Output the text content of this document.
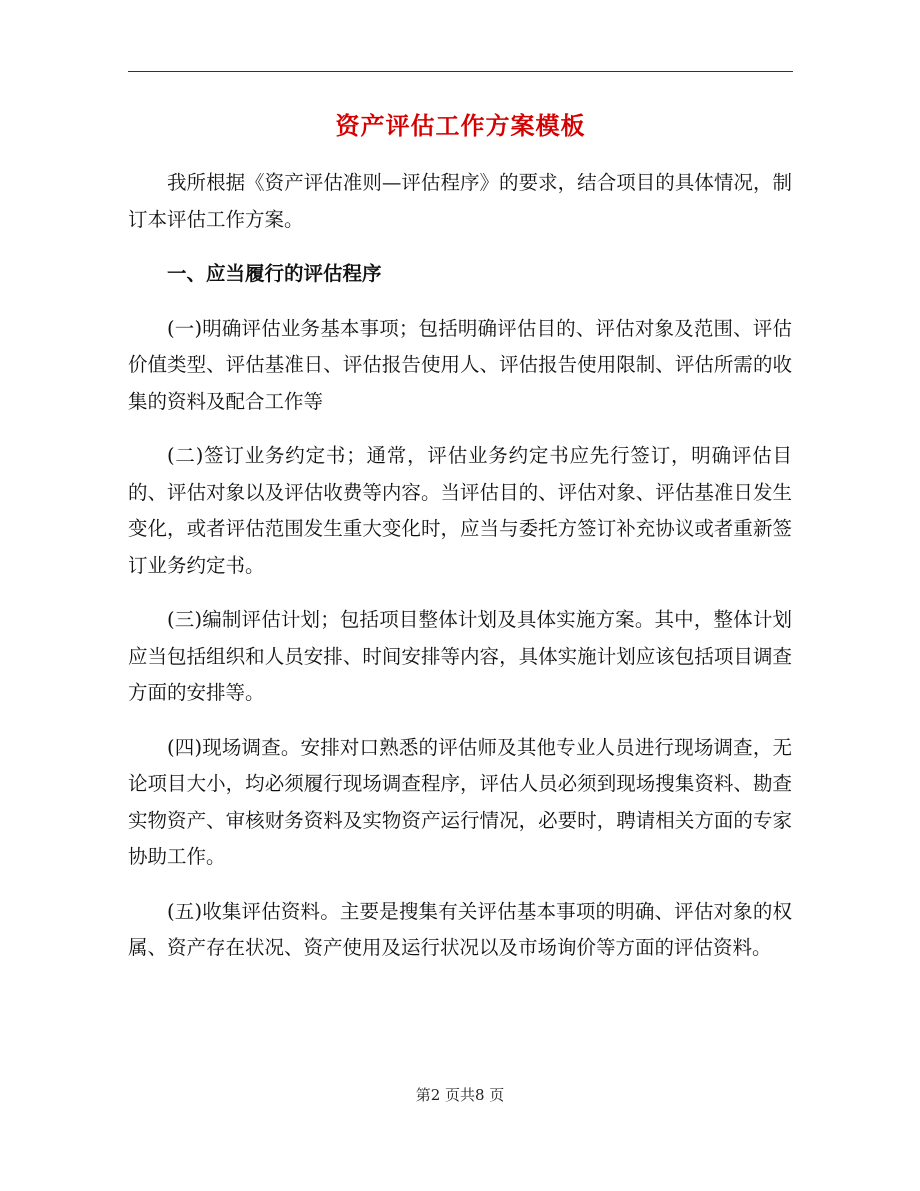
资产评估工作方案模板

我所根据《资产评估准则—评估程序》的要求，结合项目的具体情况，制订本评估工作方案。

一、应当履行的评估程序

(一)明确评估业务基本事项；包括明确评估目的、评估对象及范围、评估价值类型、评估基准日、评估报告使用人、评估报告使用限制、评估所需的收集的资料及配合工作等

(二)签订业务约定书；通常，评估业务约定书应先行签订，明确评估目的、评估对象以及评估收费等内容。当评估目的、评估对象、评估基准日发生变化，或者评估范围发生重大变化时，应当与委托方签订补充协议或者重新签订业务约定书。

(三)编制评估计划；包括项目整体计划及具体实施方案。其中，整体计划应当包括组织和人员安排、时间安排等内容，具体实施计划应该包括项目调查方面的安排等。

(四)现场调查。安排对口熟悉的评估师及其他专业人员进行现场调查，无论项目大小，均必须履行现场调查程序，评估人员必须到现场搜集资料、勘查实物资产、审核财务资料及实物资产运行情况，必要时，聘请相关方面的专家协助工作。

(五)收集评估资料。主要是搜集有关评估基本事项的明确、评估对象的权属、资产存在状况、资产使用及运行状况以及市场询价等方面的评估资料。

第2 页共8 页
